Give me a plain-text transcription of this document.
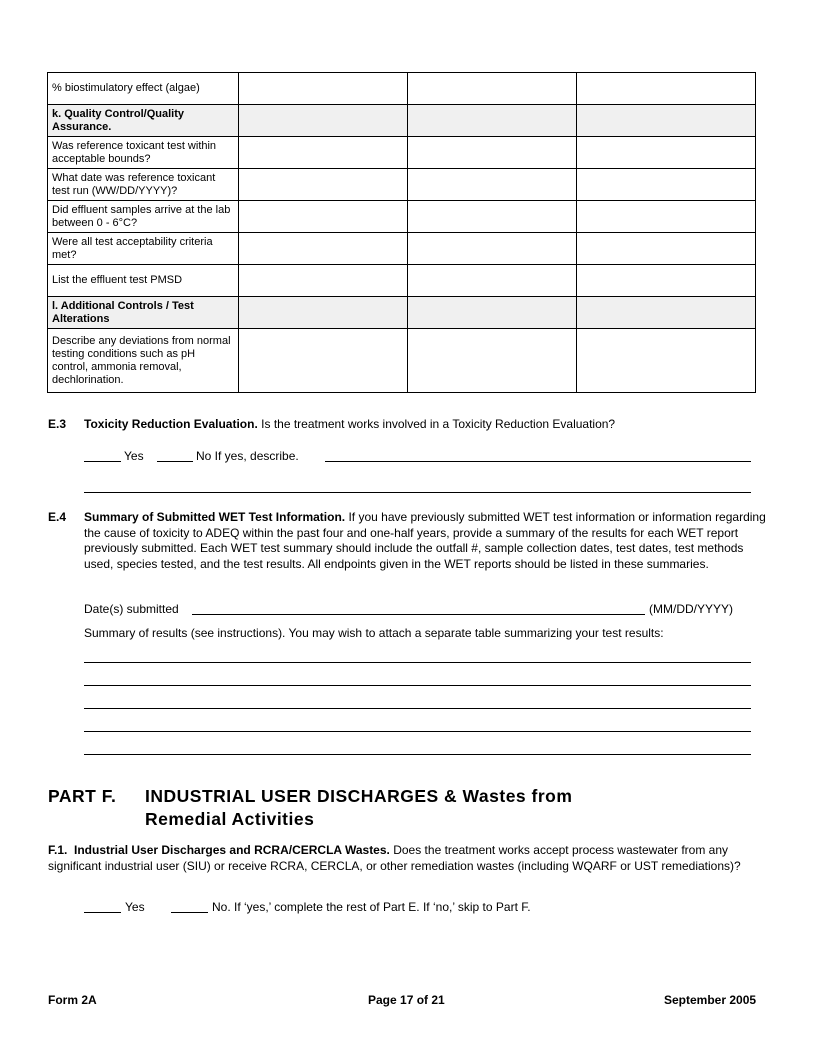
% biostimulatory effect (algae)			
k. Quality Control/Quality Assurance.			
Was reference toxicant test within acceptable bounds?			
What date was reference toxicant test run (WW/DD/YYYY)?			
Did effluent samples arrive at the lab between 0 - 6°C?			
Were all test acceptability criteria met?			
List the effluent test PMSD			
l. Additional Controls / Test Alterations			
Describe any deviations from normal testing conditions such as pH control, ammonia removal, dechlorination.			
E.3 Toxicity Reduction Evaluation. Is the treatment works involved in a Toxicity Reduction Evaluation?
Yes	No If yes, describe.
E.4 Summary of Submitted WET Test Information. If you have previously submitted WET test information or information regarding the cause of toxicity to ADEQ within the past four and one-half years, provide a summary of the results for each WET report previously submitted. Each WET test summary should include the outfall #, sample collection dates, test dates, test methods used, species tested, and the test results. All endpoints given in the WET reports should be listed in these summaries.
Date(s) submitted	(MM/DD/YYYY)
Summary of results (see instructions). You may wish to attach a separate table summarizing your test results:
PART F. INDUSTRIAL USER DISCHARGES & Wastes from
Remedial Activities
F.1. Industrial User Discharges and RCRA/CERCLA Wastes. Does the treatment works accept process wastewater from any significant industrial user (SIU) or receive RCRA, CERCLA, or other remediation wastes (including WQARF or UST remediations)?
Yes	No. If ‘yes,’ complete the rest of Part E. If ‘no,’ skip to Part F.
Form 2A	Page 17 of 21	September 2005
